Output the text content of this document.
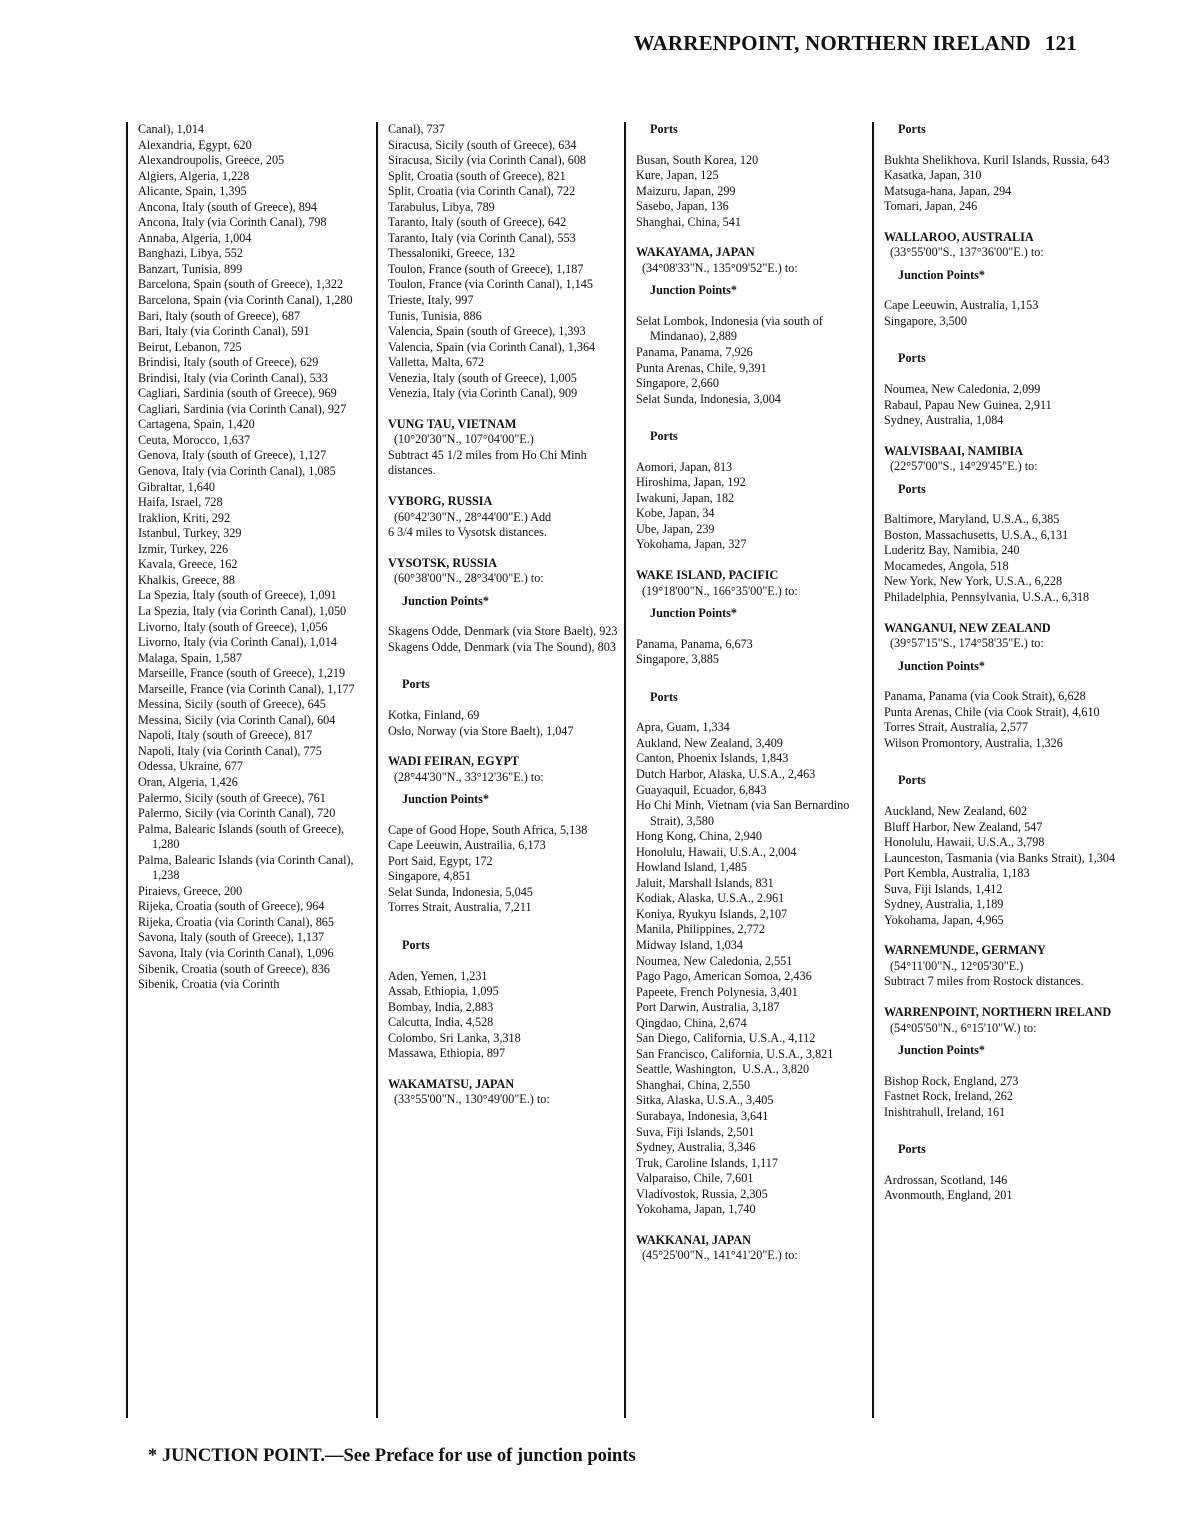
WARRENPOINT, NORTHERN IRELAND 121
Canal), 1,014
Alexandria, Egypt, 620
Alexandroupolis, Greece, 205
Algiers, Algeria, 1,228
Alicante, Spain, 1,395
Ancona, Italy (south of Greece), 894
Ancona, Italy (via Corinth Canal), 798
Annaba, Algeria, 1,004
Banghazi, Libya, 552
Banzart, Tunisia, 899
Barcelona, Spain (south of Greece), 1,322
Barcelona, Spain (via Corinth Canal), 1,280
Bari, Italy (south of Greece), 687
Bari, Italy (via Corinth Canal), 591
Beirut, Lebanon, 725
Brindisi, Italy (south of Greece), 629
Brindisi, Italy (via Corinth Canal), 533
Cagliari, Sardinia (south of Greece), 969
Cagliari, Sardinia (via Corinth Canal), 927
Cartagena, Spain, 1,420
Ceuta, Morocco, 1,637
Genova, Italy (south of Greece), 1,127
Genova, Italy (via Corinth Canal), 1,085
Gibraltar, 1,640
Haifa, Israel, 728
Iraklion, Kriti, 292
Istanbul, Turkey, 329
Izmir, Turkey, 226
Kavala, Greece, 162
Khalkis, Greece, 88
La Spezia, Italy (south of Greece), 1,091
La Spezia, Italy (via Corinth Canal), 1,050
Livorno, Italy (south of Greece), 1,056
Livorno, Italy (via Corinth Canal), 1,014
Malaga, Spain, 1,587
Marseille, France (south of Greece), 1,219
Marseille, France (via Corinth Canal), 1,177
Messina, Sicily (south of Greece), 645
Messina, Sicily (via Corinth Canal), 604
Napoli, Italy (south of Greece), 817
Napoli, Italy (via Corinth Canal), 775
Odessa, Ukraine, 677
Oran, Algeria, 1,426
Palermo, Sicily (south of Greece), 761
Palermo, Sicily (via Corinth Canal), 720
Palma, Balearic Islands (south of Greece), 1,280
Palma, Balearic Islands (via Corinth Canal), 1,238
Piraievs, Greece, 200
Rijeka, Croatia (south of Greece), 964
Rijeka, Croatia (via Corinth Canal), 865
Savona, Italy (south of Greece), 1,137
Savona, Italy (via Corinth Canal), 1,096
Sibenik, Croatia (south of Greece), 836
Sibenik, Croatia (via Corinth
Canal), 737
Siracusa, Sicily (south of Greece), 634
Siracusa, Sicily (via Corinth Canal), 608
Split, Croatia (south of Greece), 821
Split, Croatia (via Corinth Canal), 722
Tarabulus, Libya, 789
Taranto, Italy (south of Greece), 642
Taranto, Italy (via Corinth Canal), 553
Thessaloniki, Greece, 132
Toulon, France (south of Greece), 1,187
Toulon, France (via Corinth Canal), 1,145
Trieste, Italy, 997
Tunis, Tunisia, 886
Valencia, Spain (south of Greece), 1,393
Valencia, Spain (via Corinth Canal), 1,364
Valletta, Malta, 672
Venezia, Italy (south of Greece), 1,005
Venezia, Italy (via Corinth Canal), 909
VUNG TAU, VIETNAM
(10°20'30"N., 107°04'00"E.)
Subtract 45 1/2 miles from Ho Chi Minh distances.
VYBORG, RUSSIA
(60°42'30"N., 28°44'00"E.) Add
6 3/4 miles to Vysotsk distances.
VYSOTSK, RUSSIA
(60°38'00"N., 28°34'00"E.) to:
Junction Points*
Skagens Odde, Denmark (via Store Baelt), 923
Skagens Odde, Denmark (via The Sound), 803
Ports
Kotka, Finland, 69
Oslo, Norway (via Store Baelt), 1,047
WADI FEIRAN, EGYPT
(28°44'30"N., 33°12'36"E.) to:
Junction Points*
Cape of Good Hope, South Africa, 5,138
Cape Leeuwin, Austrailia, 6,173
Port Said, Egypt, 172
Singapore, 4,851
Selat Sunda, Indonesia, 5,045
Torres Strait, Australia, 7,211
Ports
Aden, Yemen, 1,231
Assab, Ethiopia, 1,095
Bombay, India, 2,883
Calcutta, India, 4,528
Colombo, Sri Lanka, 3,318
Massawa, Ethiopia, 897
WAKAMATSU, JAPAN
(33°55'00"N., 130°49'00"E.) to:
Ports
Busan, South Korea, 120
Kure, Japan, 125
Maizuru, Japan, 299
Sasebo, Japan, 136
Shanghai, China, 541
WAKAYAMA, JAPAN
(34°08'33"N., 135°09'52"E.) to:
Junction Points*
Selat Lombok, Indonesia (via south of Mindanao), 2,889
Panama, Panama, 7,926
Punta Arenas, Chile, 9,391
Singapore, 2,660
Selat Sunda, Indonesia, 3,004
Ports
Aomori, Japan, 813
Hiroshima, Japan, 192
Iwakuni, Japan, 182
Kobe, Japan, 34
Ube, Japan, 239
Yokohama, Japan, 327
WAKE ISLAND, PACIFIC
(19°18'00"N., 166°35'00"E.) to:
Junction Points*
Panama, Panama, 6,673
Singapore, 3,885
Ports
Apra, Guam, 1,334
Aukland, New Zealand, 3,409
Canton, Phoenix Islands, 1,843
Dutch Harbor, Alaska, U.S.A., 2,463
Guayaquil, Ecuador, 6,843
Ho Chi Minh, Vietnam (via San Bernardino Strait), 3,580
Hong Kong, China, 2,940
Honolulu, Hawaii, U.S.A., 2,004
Howland Island, 1,485
Jaluit, Marshall Islands, 831
Kodiak, Alaska, U.S.A., 2.961
Koniya, Ryukyu Islands, 2,107
Manila, Philippines, 2,772
Midway Island, 1,034
Noumea, New Caledonia, 2,551
Pago Pago, American Somoa, 2,436
Papeete, French Polynesia, 3,401
Port Darwin, Australia, 3,187
Qingdao, China, 2,674
San Diego, California, U.S.A., 4,112
San Francisco, California, U.S.A., 3,821
Seattle, Washington,  U.S.A., 3,820
Shanghai, China, 2,550
Sitka, Alaska, U.S.A., 3,405
Surabaya, Indonesia, 3,641
Suva, Fiji Islands, 2,501
Sydney, Australia, 3,346
Truk, Caroline Islands, 1,117
Valparaiso, Chile, 7,601
Vladivostok, Russia, 2,305
Yokohama, Japan, 1,740
WAKKANAI, JAPAN
(45°25'00"N., 141°41'20"E.) to:
Ports
Bukhta Shelikhova, Kuril Islands, Russia, 643
Kasatka, Japan, 310
Matsuga-hana, Japan, 294
Tomari, Japan, 246
WALLAROO, AUSTRALIA
(33°55'00"S., 137°36'00"E.) to:
Junction Points*
Cape Leeuwin, Australia, 1,153
Singapore, 3,500
Ports
Noumea, New Caledonia, 2,099
Rabaul, Papau New Guinea, 2,911
Sydney, Australia, 1,084
WALVISBAAI, NAMIBIA
(22°57'00"S., 14°29'45"E.) to:
Ports
Baltimore, Maryland, U.S.A., 6,385
Boston, Massachusetts, U.S.A., 6,131
Luderitz Bay, Namibia, 240
Mocamedes, Angola, 518
New York, New York, U.S.A., 6,228
Philadelphia, Pennsylvania, U.S.A., 6,318
WANGANUI, NEW ZEALAND
(39°57'15"S., 174°58'35"E.) to:
Junction Points*
Panama, Panama (via Cook Strait), 6,628
Punta Arenas, Chile (via Cook Strait), 4,610
Torres Strait, Australia, 2,577
Wilson Promontory, Australia, 1,326
Ports
Auckland, New Zealand, 602
Bluff Harbor, New Zealand, 547
Honolulu, Hawaii, U.S.A., 3,798
Launceston, Tasmania (via Banks Strait), 1,304
Port Kembla, Australia, 1,183
Suva, Fiji Islands, 1,412
Sydney, Australia, 1,189
Yokohama, Japan, 4,965
WARNEMUNDE, GERMANY
(54°11'00"N., 12°05'30"E.)
Subtract 7 miles from Rostock distances.
WARRENPOINT, NORTHERN IRELAND
(54°05'50"N., 6°15'10"W.) to:
Junction Points*
Bishop Rock, England, 273
Fastnet Rock, Ireland, 262
Inishtrahull, Ireland, 161
Ports
Ardrossan, Scotland, 146
Avonmouth, England, 201
* JUNCTION POINT.—See Preface for use of junction points
